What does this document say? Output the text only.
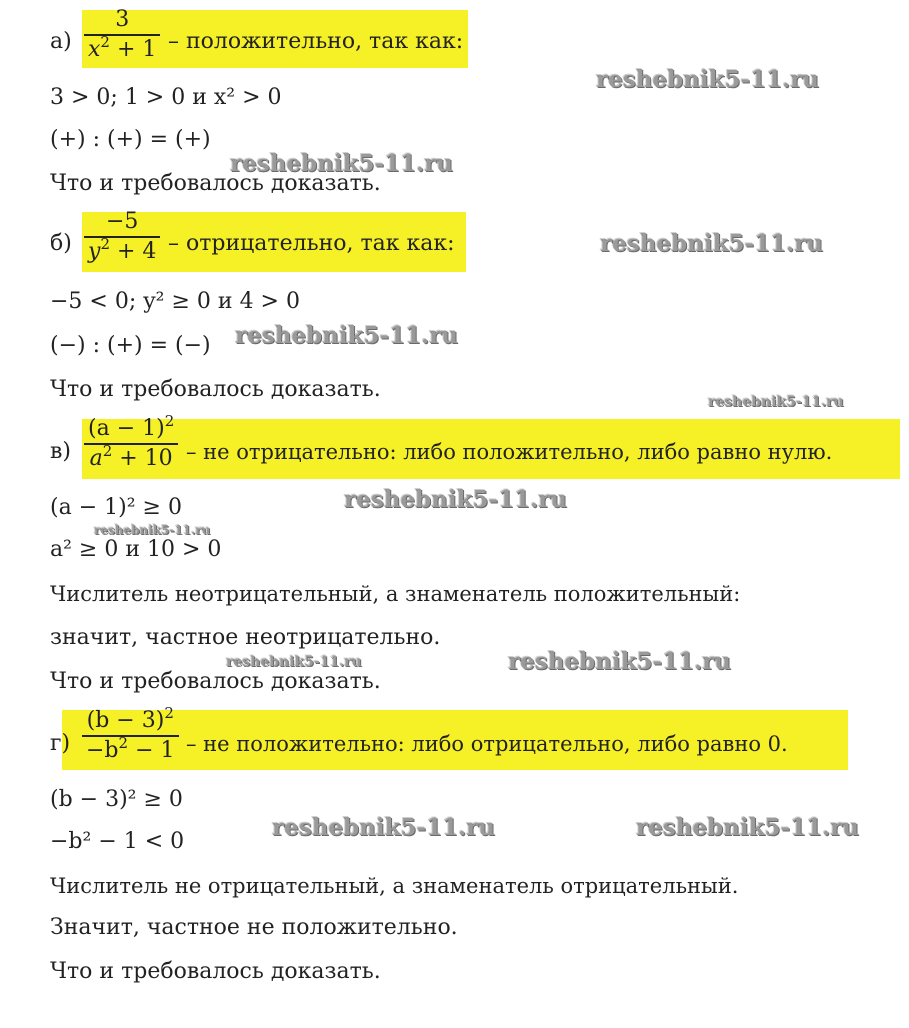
а)
3
$x^2 + 1$ – положительно, так как:
3 > 0; 1 > 0 и x² > 0
(+) : (+) = (+)
Что и требовалось доказать.
б)
−5
$y^2 + 4$ – отрицательно, так как:
−5 < 0; y² ≥ 0 и 4 > 0
(−) : (+) = (−)
Что и требовалось доказать.
в)
$(a - 1)^2$
$a^2 + 10$ – не отрицательно: либо положительно, либо равно нулю.
(a − 1)² ≥ 0
a² ≥ 0 и 10 > 0
Числитель неотрицательный, а знаменатель положительный:
значит, частное неотрицательно.
Что и требовалось доказать.
г)
$(b - 3)^2$
$-b^2 - 1$ – не положительно: либо отрицательно, либо равно 0.
(b − 3)² ≥ 0
−b² − 1 < 0
Числитель не отрицательный, а знаменатель отрицательный.
Значит, частное не положительно.
Что и требовалось доказать.
reshebnik5-11.ru
reshebnik5-11.ru
reshebnik5-11.ru
reshebnik5-11.ru
reshebnik5-11.ru
reshebnik5-11.ru
reshebnik5-11.ru
reshebnik5-11.ru	reshebnik5-11.ru
reshebnik5-11.ru	reshebnik5-11.ru
